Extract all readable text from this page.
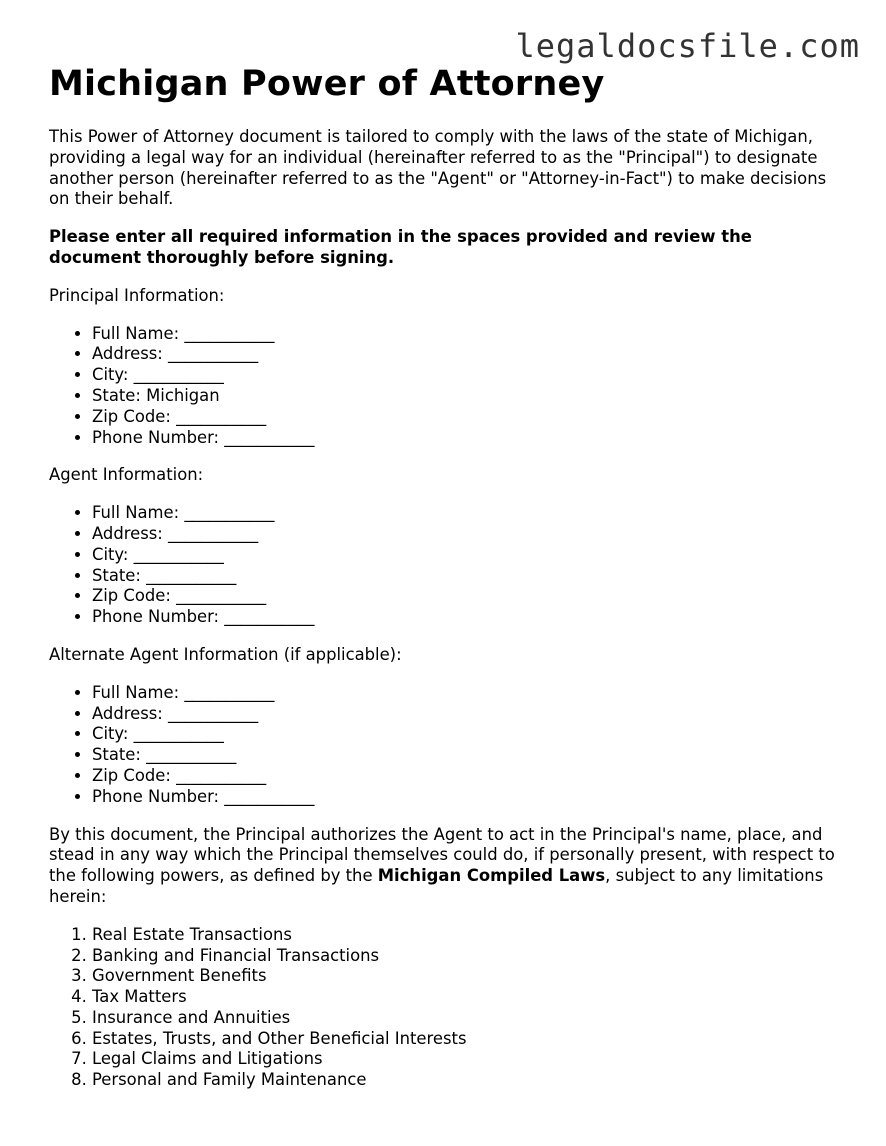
legaldocsfile.com
Michigan Power of Attorney

This Power of Attorney document is tailored to comply with the laws of the state of Michigan, providing a legal way for an individual (hereinafter referred to as the "Principal") to designate another person (hereinafter referred to as the "Agent" or "Attorney-in-Fact") to make decisions on their behalf.

Please enter all required information in the spaces provided and review the document thoroughly before signing.

Principal Information:

• Full Name: ___________
• Address: ___________
• City: ___________
• State: Michigan
• Zip Code: ___________
• Phone Number: ___________

Agent Information:

• Full Name: ___________
• Address: ___________
• City: ___________
• State: ___________
• Zip Code: ___________
• Phone Number: ___________

Alternate Agent Information (if applicable):

• Full Name: ___________
• Address: ___________
• City: ___________
• State: ___________
• Zip Code: ___________
• Phone Number: ___________

By this document, the Principal authorizes the Agent to act in the Principal's name, place, and stead in any way which the Principal themselves could do, if personally present, with respect to the following powers, as defined by the Michigan Compiled Laws, subject to any limitations herein:

1. Real Estate Transactions
2. Banking and Financial Transactions
3. Government Benefits
4. Tax Matters
5. Insurance and Annuities
6. Estates, Trusts, and Other Beneficial Interests
7. Legal Claims and Litigations
8. Personal and Family Maintenance
